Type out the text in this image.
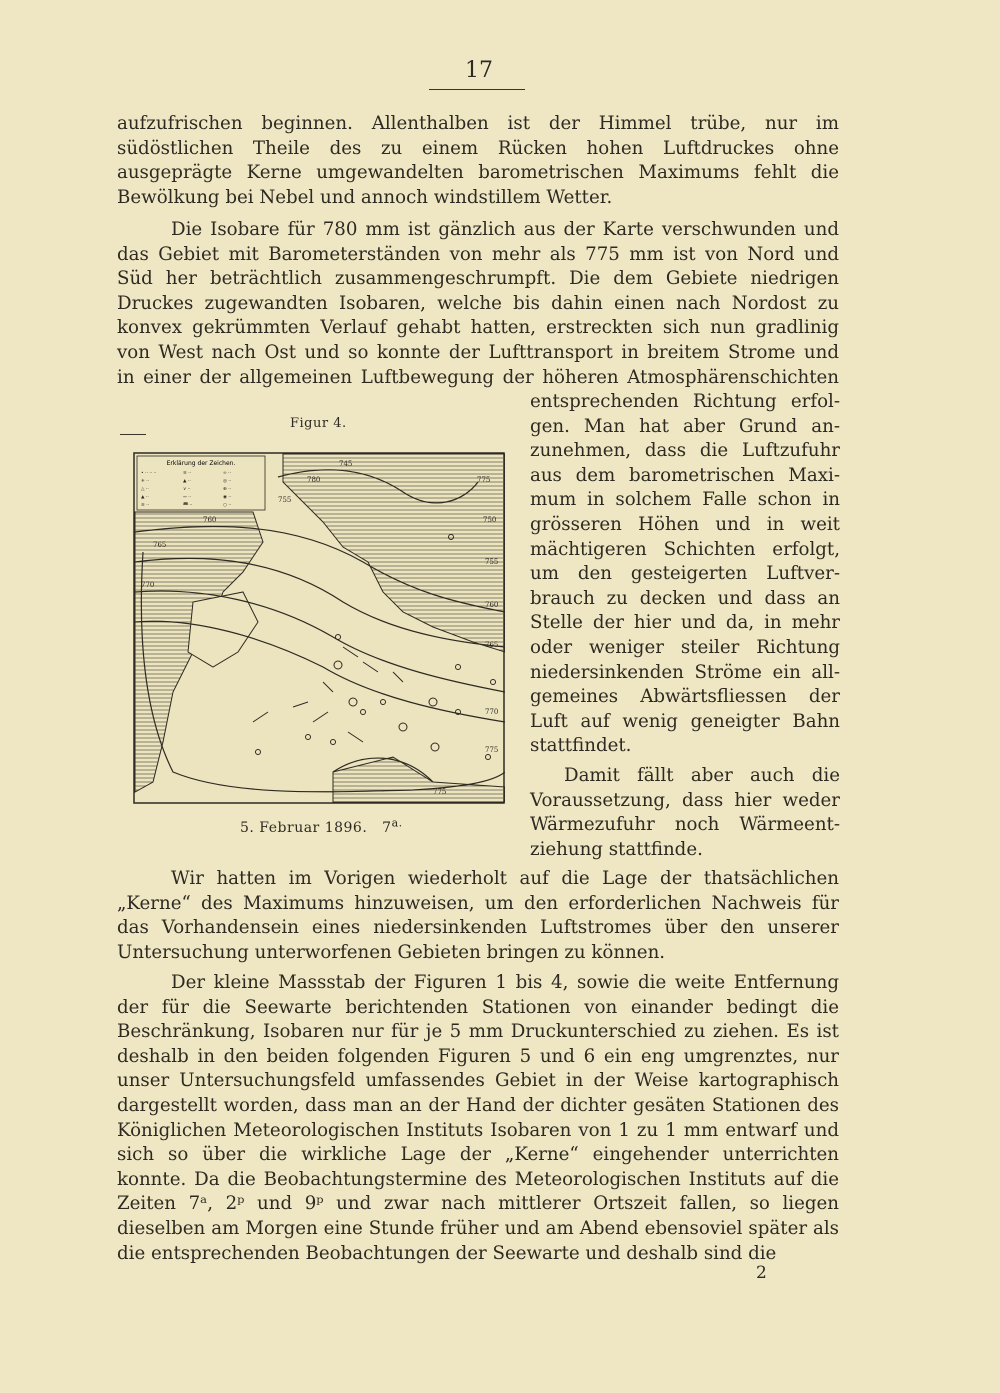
17

aufzufrischen beginnen. Allenthalben ist der Himmel trübe, nur im südöstlichen Theile des zu einem Rücken hohen Luftdruckes ohne ausgeprägte Kerne umgewandelten barometrischen Maximums fehlt die Bewölkung bei Nebel und annoch windstillem Wetter.

Die Isobare für 780 mm ist gänzlich aus der Karte verschwunden und

das Gebiet mit Barometerständen von mehr als 775 mm ist von Nord und

Süd her beträchtlich zusammengeschrumpft. Die dem Gebiete niedrigen

Druckes zugewandten Isobaren, welche bis dahin einen nach Nordost zu

konvex gekrümmten Verlauf gehabt hatten, erstreckten sich nun gradlinig

von West nach Ost und so konnte der Lufttransport in breitem Strome und

in einer der allgemeinen Luftbewegung der höheren Atmosphärenschichten

Figur 4.
Erklärung der Zeichen.
• ·· ·· ··	≡ ··	∞ ··
✳ ··	▲ ··	◎ ··
△ ··	∨ ··	⊕ ··
▲ ··	∾ ··	◉ ··
≡ ··	ᚙ ··	○ ··
745
780	775
755
760	750
765
755
770
760
765
770
775
775
5. Februar 1896. $7^{a.}$

entsprechenden Richtung erfol-

gen. Man hat aber Grund an-

zunehmen, dass die Luftzufuhr

aus dem barometrischen Maxi-

mum in solchem Falle schon in

grösseren Höhen und in weit

mächtigeren Schichten erfolgt,

um den gesteigerten Luftver-

brauch zu decken und dass an

Stelle der hier und da, in mehr

oder weniger steiler Richtung

niedersinkenden Ströme ein all-

gemeines Abwärtsfliessen der

Luft auf wenig geneigter Bahn

stattfindet.

Damit fällt aber auch die

Voraussetzung, dass hier weder

Wärmezufuhr noch Wärmeent-

ziehung stattfinde.

Wir hatten im Vorigen wiederholt auf die Lage der thatsächlichen „Kerne“ des Maximums hinzuweisen, um den erforderlichen Nachweis für das Vorhandensein eines niedersinkenden Luftstromes über den unserer Untersuchung unterworfenen Gebieten bringen zu können.

Der kleine Massstab der Figuren 1 bis 4, sowie die weite Entfernung der für die Seewarte berichtenden Stationen von einander bedingt die Beschränkung, Isobaren nur für je 5 mm Druckunterschied zu ziehen. Es ist deshalb in den beiden folgenden Figuren 5 und 6 ein eng umgrenztes, nur unser Untersuchungsfeld umfassendes Gebiet in der Weise kartographisch dargestellt worden, dass man an der Hand der dichter gesäten Stationen des Königlichen Meteorologischen Instituts Isobaren von 1 zu 1 mm entwarf und sich so über die wirkliche Lage der „Kerne“ eingehender unterrichten konnte. Da die Beobachtungstermine des Meteorologischen Instituts auf die Zeiten 7ᵃ, 2ᵖ und 9ᵖ und zwar nach mittlerer Ortszeit fallen, so liegen dieselben am Morgen eine Stunde früher und am Abend ebensoviel später als die entsprechenden Beobachtungen der Seewarte und deshalb sind die

2
